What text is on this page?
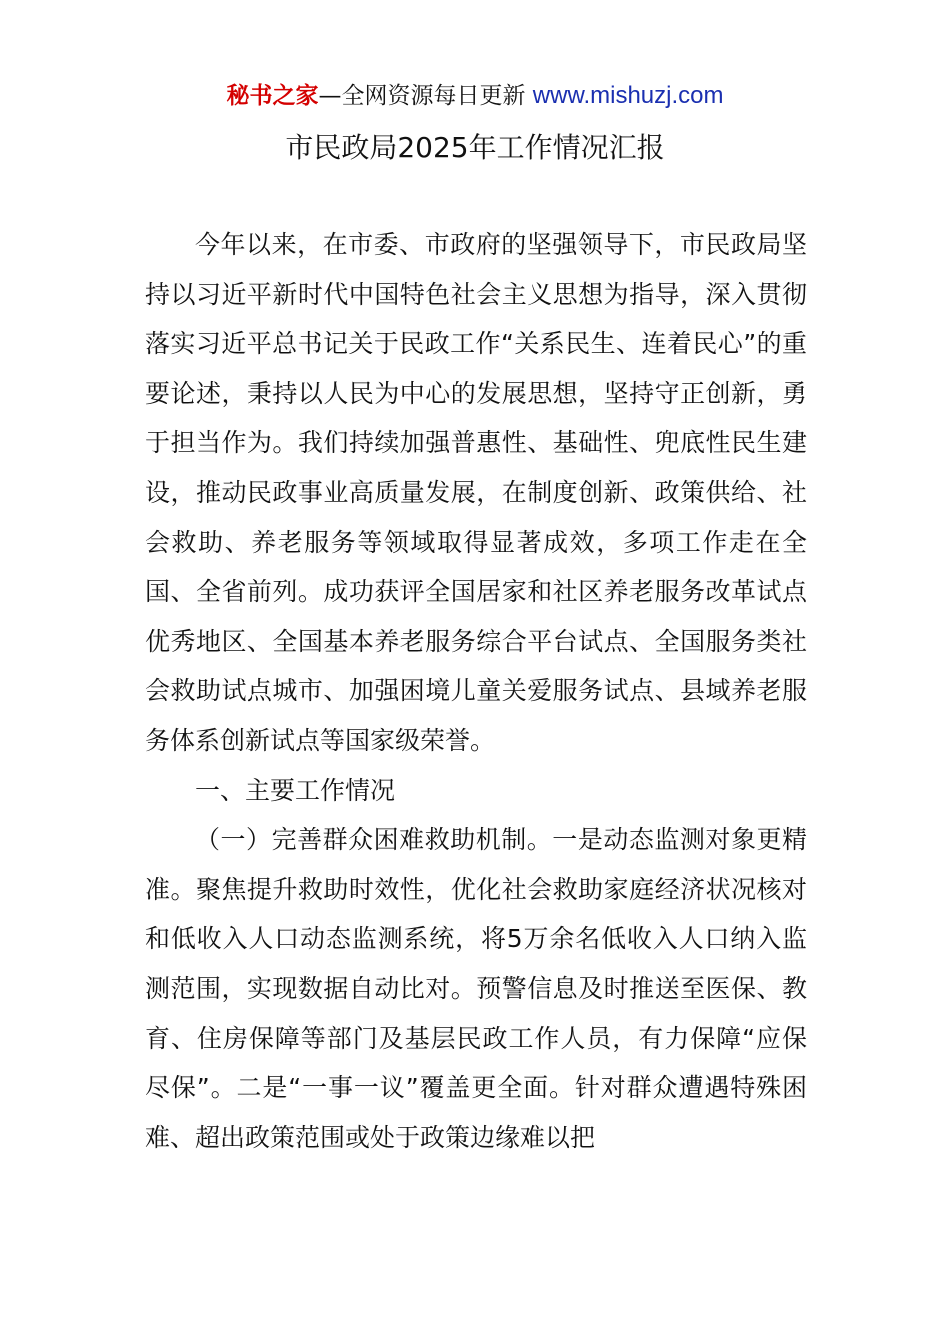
秘书之家—全网资源每日更新 www.mishuzj.com
市民政局2025年工作情况汇报

今年以来，在市委、市政府的坚强领导下，市民政局坚持以习近平新时代中国特色社会主义思想为指导，深入贯彻落实习近平总书记关于民政工作“关系民生、连着民心”的重要论述，秉持以人民为中心的发展思想，坚持守正创新，勇于担当作为。我们持续加强普惠性、基础性、兜底性民生建设，推动民政事业高质量发展，在制度创新、政策供给、社会救助、养老服务等领域取得显著成效，多项工作走在全国、全省前列。成功获评全国居家和社区养老服务改革试点优秀地区、全国基本养老服务综合平台试点、全国服务类社会救助试点城市、加强困境儿童关爱服务试点、县域养老服务体系创新试点等国家级荣誉。

一、主要工作情况

（一）完善群众困难救助机制。一是动态监测对象更精准。聚焦提升救助时效性，优化社会救助家庭经济状况核对和低收入人口动态监测系统，将5万余名低收入人口纳入监测范围，实现数据自动比对。预警信息及时推送至医保、教育、住房保障等部门及基层民政工作人员，有力保障“应保尽保”。二是“一事一议”覆盖更全面。针对群众遭遇特殊困难、超出政策范围或处于政策边缘难以把
